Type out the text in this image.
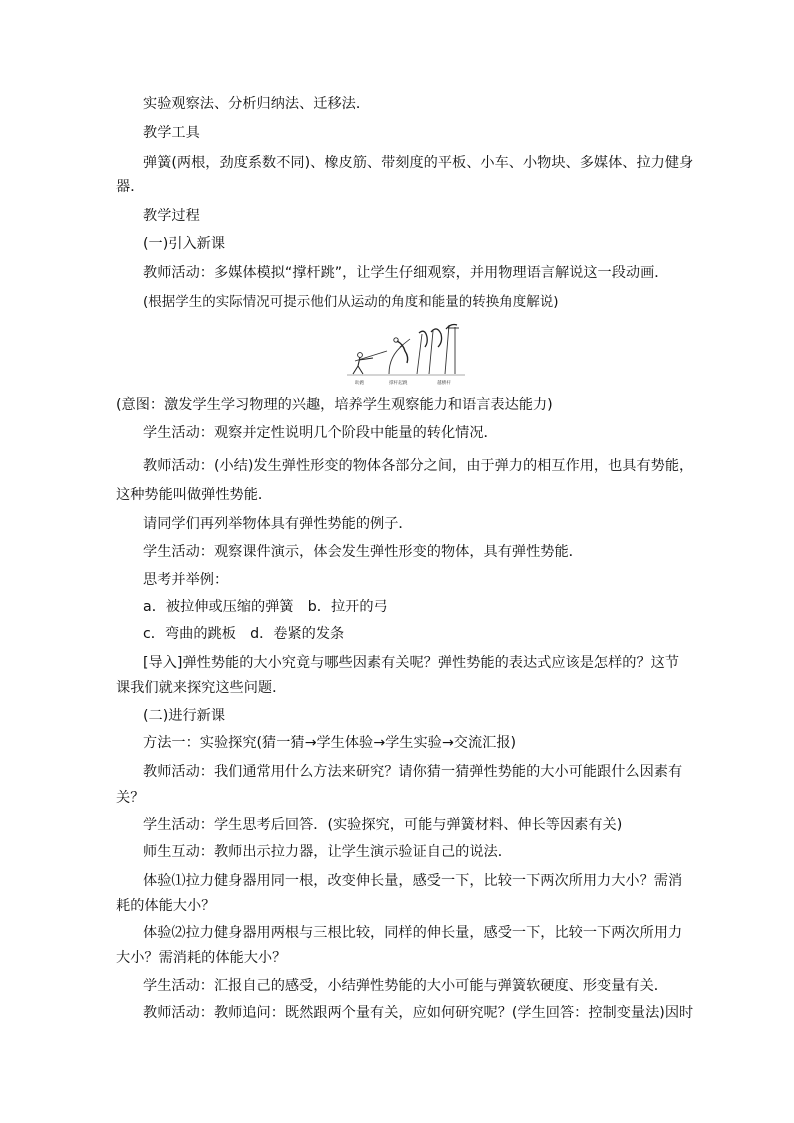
实验观察法、分析归纳法、迁移法．
教学工具
弹簧(两根，劲度系数不同)、橡皮筋、带刻度的平板、小车、小物块、多媒体、拉力健身
器．
教学过程
(一)引入新课
教师活动：多媒体模拟“撑杆跳”，让学生仔细观察，并用物理语言解说这一段动画．
(根据学生的实际情况可提示他们从运动的角度和能量的转换角度解说)
助跑	撑杆起跳	越横杆
(意图：激发学生学习物理的兴趣，培养学生观察能力和语言表达能力)
学生活动：观察并定性说明几个阶段中能量的转化情况．
教师活动：(小结)发生弹性形变的物体各部分之间，由于弹力的相互作用，也具有势能，
这种势能叫做弹性势能．
请同学们再列举物体具有弹性势能的例子．
学生活动：观察课件演示，体会发生弹性形变的物体，具有弹性势能．
思考并举例：
a．被拉伸或压缩的弹簧　b．拉开的弓
c．弯曲的跳板　d．卷紧的发条
[导入]弹性势能的大小究竟与哪些因素有关呢？弹性势能的表达式应该是怎样的？这节
课我们就来探究这些问题．
(二)进行新课
方法一：实验探究(猜一猜→学生体验→学生实验→交流汇报)
教师活动：我们通常用什么方法来研究？请你猜一猜弹性势能的大小可能跟什么因素有
关？
学生活动：学生思考后回答．(实验探究，可能与弹簧材料、伸长等因素有关)
师生互动：教师出示拉力器，让学生演示验证自己的说法．
体验⑴拉力健身器用同一根，改变伸长量，感受一下，比较一下两次所用力大小？需消
耗的体能大小？
体验⑵拉力健身器用两根与三根比较，同样的伸长量，感受一下，比较一下两次所用力
大小？需消耗的体能大小？
学生活动：汇报自己的感受，小结弹性势能的大小可能与弹簧软硬度、形变量有关．
教师活动：教师追问：既然跟两个量有关，应如何研究呢？(学生回答：控制变量法)因时
